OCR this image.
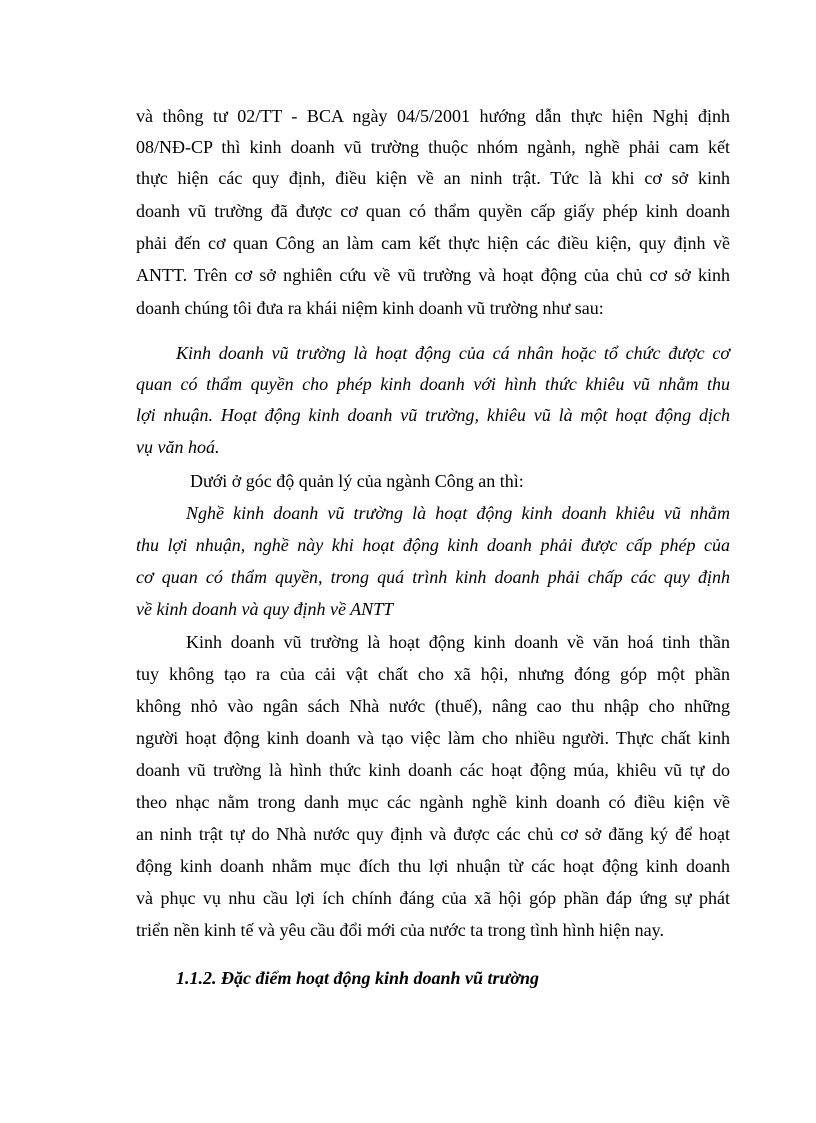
và thông tư 02/TT - BCA ngày 04/5/2001 hướng dẫn thực hiện Nghị định
08/NĐ-CP thì kinh doanh vũ trường thuộc nhóm ngành, nghề phải cam kết
thực hiện các quy định, điều kiện về an ninh trật. Tức là khi cơ sở kinh
doanh vũ trường đã được cơ quan có thẩm quyền cấp giấy phép kinh doanh
phải đến cơ quan Công an làm cam kết thực hiện các điều kiện, quy định về
ANTT. Trên cơ sở nghiên cứu về vũ trường và hoạt động của chủ cơ sở kinh
doanh chúng tôi đưa ra khái niệm kinh doanh vũ trường như sau:
Kinh doanh vũ trường là hoạt động của cá nhân hoặc tổ chức được cơ
quan có thẩm quyền cho phép kinh doanh với hình thức khiêu vũ nhằm thu
lợi nhuận. Hoạt động kinh doanh vũ trường, khiêu vũ là một hoạt động dịch
vụ văn hoá.
Dưới ở góc độ quản lý của ngành Công an thì:
Nghề kinh doanh vũ trường là hoạt động kinh doanh khiêu vũ nhằm
thu lợi nhuận, nghề này khi hoạt động kinh doanh phải được cấp phép của
cơ quan có thẩm quyền, trong quá trình kinh doanh phải chấp các quy định
về kinh doanh và quy định về ANTT
Kinh doanh vũ trường là hoạt động kinh doanh về văn hoá tinh thần
tuy không tạo ra của cải vật chất cho xã hội, nhưng đóng góp một phần
không nhỏ vào ngân sách Nhà nước (thuế), nâng cao thu nhập cho những
người hoạt động kinh doanh và tạo việc làm cho nhiều người. Thực chất kinh
doanh vũ trường là hình thức kinh doanh các hoạt động múa, khiêu vũ tự do
theo nhạc nằm trong danh mục các ngành nghề kinh doanh có điều kiện về
an ninh trật tự do Nhà nước quy định và được các chủ cơ sở đăng ký để hoạt
động kinh doanh nhằm mục đích thu lợi nhuận từ các hoạt động kinh doanh
và phục vụ nhu cầu lợi ích chính đáng của xã hội góp phần đáp ứng sự phát
triển nền kinh tế và yêu cầu đổi mới của nước ta trong tình hình hiện nay.
1.1.2. Đặc điểm hoạt động kinh doanh vũ trường
